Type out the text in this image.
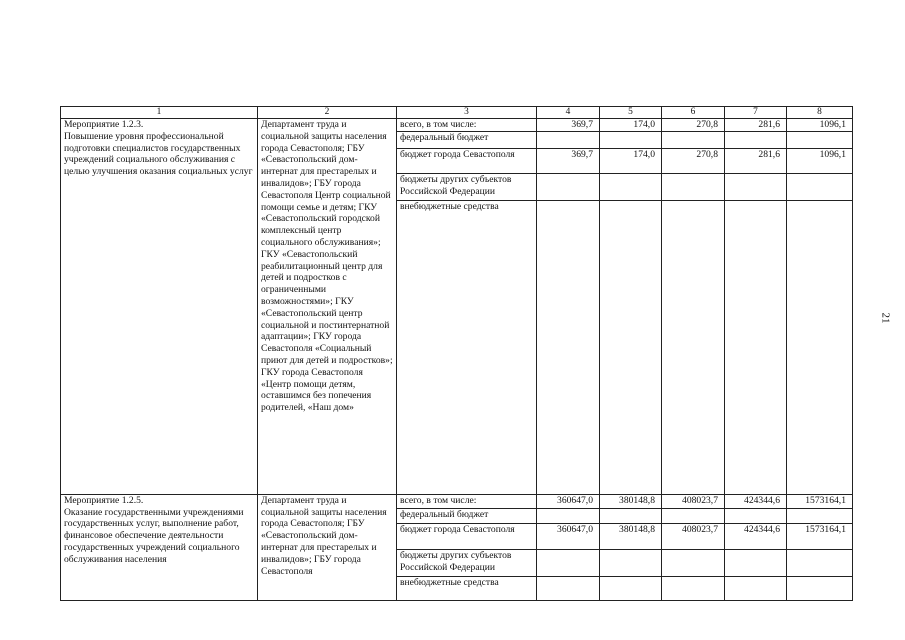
1	2	3	4	5	6	7	8

Мероприятие 1.2.3.
Повышение уровня профессиональной подготовки специалистов государственных учреждений социального обслуживания с целью улучшения оказания социальных услуг	Департамент труда и социальной защиты населения города Севастополя; ГБУ «Севастопольский дом-интернат для престарелых и инвалидов»; ГБУ города Севастополя Центр социальной помощи семье и детям; ГКУ «Севастопольский городской комплексный центр социального обслуживания»; ГКУ «Севастопольский реабилитационный центр для детей и подростков с ограниченными возможностями»; ГКУ «Севастопольский центр социальной и постинтернатной адаптации»; ГКУ города Севастополя «Социальный приют для детей и подростков»; ГКУ города Севастополя «Центр помощи детям, оставшимся без попечения родителей, «Наш дом»	всего, в том числе:	369,7	174,0	270,8	281,6	1096,1
		федеральный бюджет					
		бюджет города Севастополя	369,7	174,0	270,8	281,6	1096,1
		бюджеты других субъектов Российской Федерации					
		внебюджетные средства					

Мероприятие 1.2.5.
Оказание государственными учреждениями государственных услуг, выполнение работ, финансовое обеспечение деятельности государственных учреждений социального обслуживания населения	Департамент труда и социальной защиты населения города Севастополя; ГБУ «Севастопольский дом-интернат для престарелых и инвалидов»; ГБУ города Севастополя	всего, в том числе:	360647,0	380148,8	408023,7	424344,6	1573164,1
		федеральный бюджет					
		бюджет города Севастополя	360647,0	380148,8	408023,7	424344,6	1573164,1
		бюджеты других субъектов Российской Федерации					
		внебюджетные средства					
21
